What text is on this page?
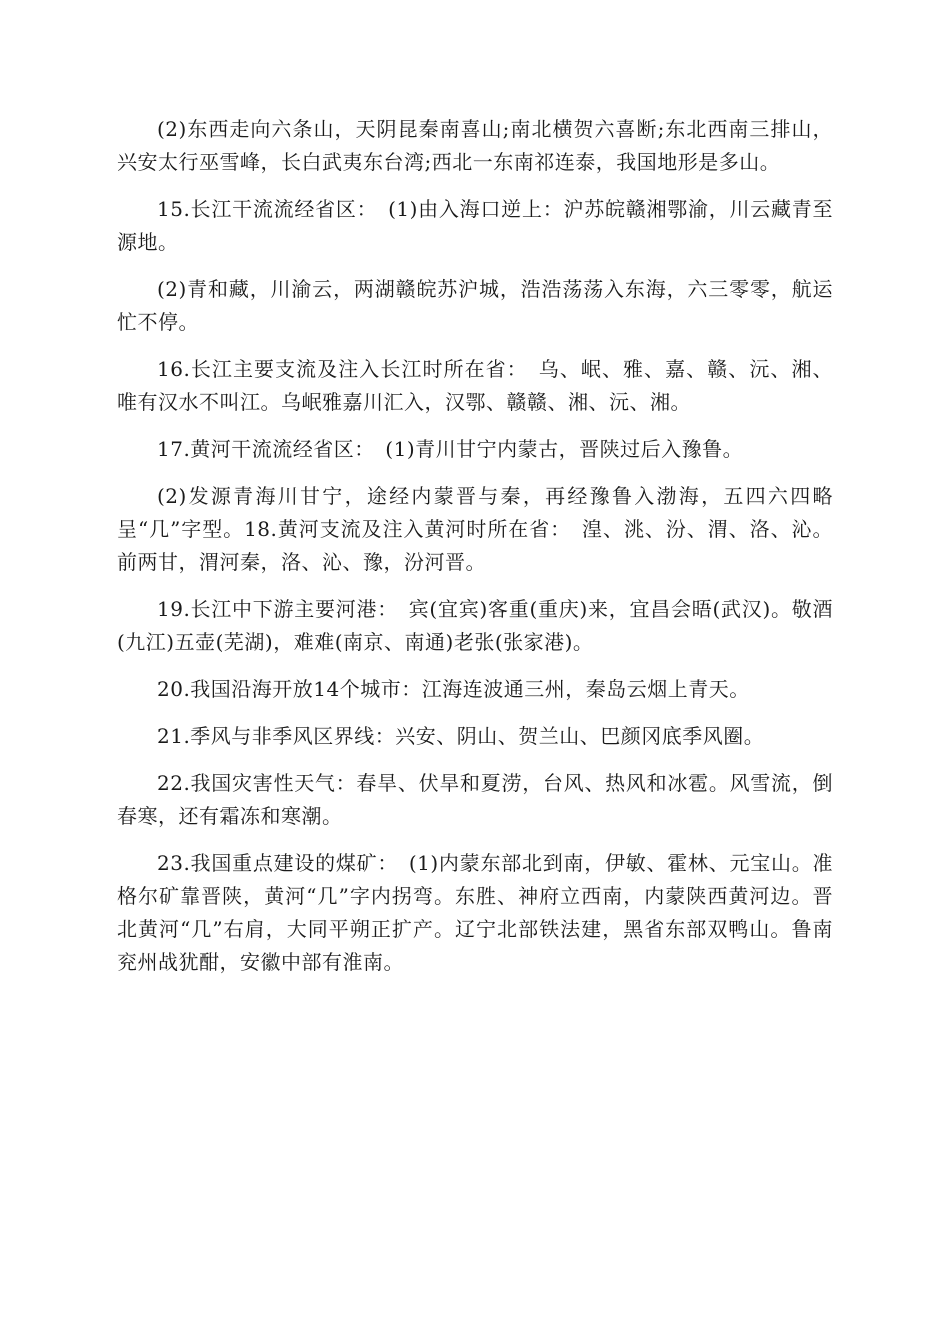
(2)东西走向六条山，天阴昆秦南喜山;南北横贺六喜断;东北西南三排山，兴安太行巫雪峰，长白武夷东台湾;西北一东南祁连泰，我国地形是多山。

15.长江干流流经省区：　(1)由入海口逆上：沪苏皖赣湘鄂渝，川云藏青至源地。

(2)青和藏，川渝云，两湖赣皖苏沪城，浩浩荡荡入东海，六三零零，航运忙不停。

16.长江主要支流及注入长江时所在省：　乌、岷、雅、嘉、赣、沅、湘、唯有汉水不叫江。乌岷雅嘉川汇入，汉鄂、赣赣、湘、沅、湘。

17.黄河干流流经省区：　(1)青川甘宁内蒙古，晋陕过后入豫鲁。

(2)发源青海川甘宁，途经内蒙晋与秦，再经豫鲁入渤海，五四六四略呈“几”字型。18.黄河支流及注入黄河时所在省：　湟、洮、汾、渭、洛、沁。前两甘，渭河秦，洛、沁、豫，汾河晋。

19.长江中下游主要河港：　宾(宜宾)客重(重庆)来，宜昌会晤(武汉)。敬酒(九江)五壶(芜湖)，难难(南京、南通)老张(张家港)。

20.我国沿海开放14个城市：江海连波通三州，秦岛云烟上青天。

21.季风与非季风区界线：兴安、阴山、贺兰山、巴颜冈底季风圈。

22.我国灾害性天气：春旱、伏旱和夏涝，台风、热风和冰雹。风雪流，倒春寒，还有霜冻和寒潮。

23.我国重点建设的煤矿：　(1)内蒙东部北到南，伊敏、霍林、元宝山。准格尔矿靠晋陕，黄河“几”字内拐弯。东胜、神府立西南，内蒙陕西黄河边。晋北黄河“几”右肩，大同平朔正扩产。辽宁北部铁法建，黑省东部双鸭山。鲁南兖州战犹酣，安徽中部有淮南。
